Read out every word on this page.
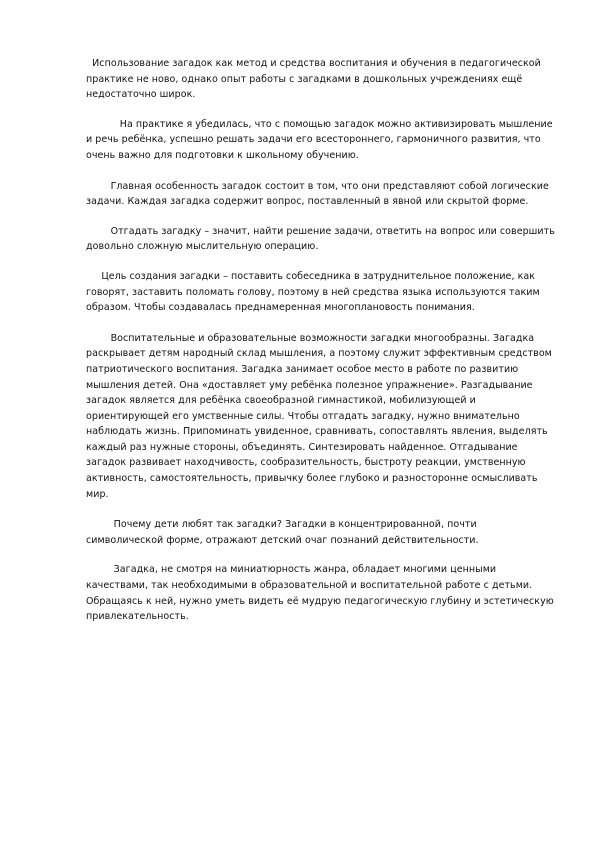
Использование загадок как метод и средства воспитания и обучения в педагогической практике не ново, однако опыт работы с загадками в дошкольных учреждениях ещё недостаточно широк.

На практике я убедилась, что с помощью загадок можно активизировать мышление и речь ребёнка, успешно решать задачи его всестороннего, гармоничного развития, что очень важно для подготовки к школьному обучению.

Главная особенность загадок состоит в том, что они представляют собой логические задачи. Каждая загадка содержит вопрос, поставленный в явной или скрытой форме.

Отгадать загадку – значит, найти решение задачи, ответить на вопрос или совершить довольно сложную мыслительную операцию.

Цель создания загадки – поставить собеседника в затруднительное положение, как говорят, заставить поломать голову, поэтому в ней средства языка используются таким образом. Чтобы создавалась преднамеренная многоплановость понимания.

Воспитательные и образовательные возможности загадки многообразны. Загадка раскрывает детям народный склад мышления, а поэтому служит эффективным средством патриотического воспитания. Загадка занимает особое место в работе по развитию мышления детей. Она «доставляет уму ребёнка полезное упражнение». Разгадывание загадок является для ребёнка своеобразной гимнастикой, мобилизующей и ориентирующей его умственные силы. Чтобы отгадать загадку, нужно внимательно наблюдать жизнь. Припоминать увиденное, сравнивать, сопоставлять явления, выделять каждый раз нужные стороны, объединять. Синтезировать найденное. Отгадывание загадок развивает находчивость, сообразительность, быстроту реакции, умственную активность, самостоятельность, привычку более глубоко и разносторонне осмысливать мир.

Почему дети любят так загадки? Загадки в концентрированной, почти символической форме, отражают детский очаг познаний действительности.

Загадка, не смотря на миниатюрность жанра, обладает многими ценными качествами, так необходимыми в образовательной и воспитательной работе с детьми. Обращаясь к ней, нужно уметь видеть её мудрую педагогическую глубину и эстетическую привлекательность.
